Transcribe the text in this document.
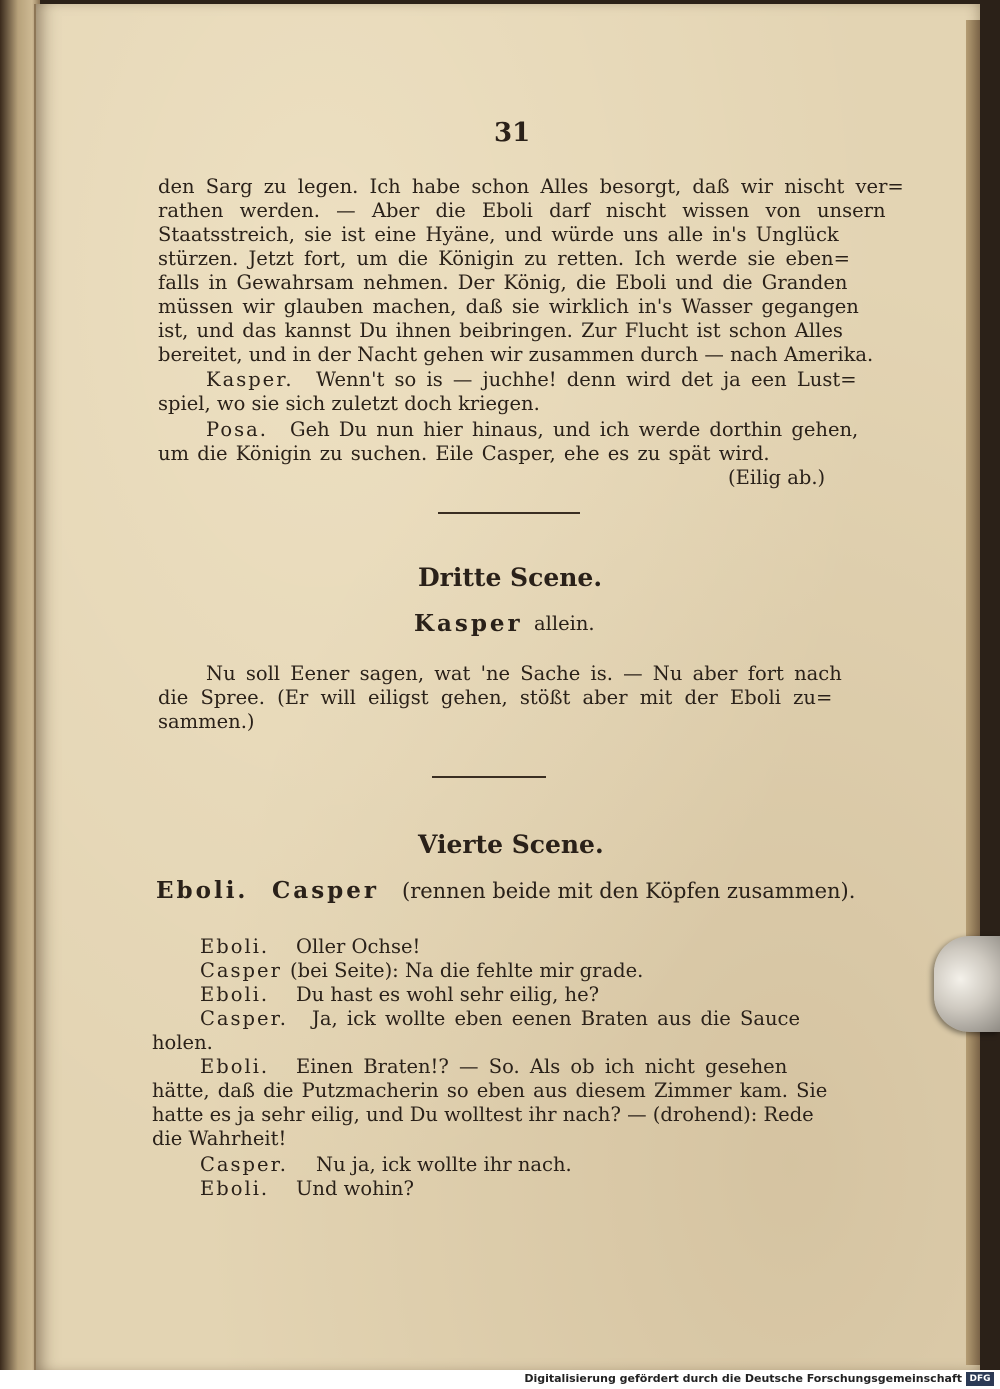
31
den Sarg zu legen. Ich habe schon Alles besorgt, daß wir nischt ver=
rathen werden. — Aber die Eboli darf nischt wissen von unsern
Staatsstreich, sie ist eine Hyäne, und würde uns alle in's Unglück
stürzen. Jetzt fort, um die Königin zu retten. Ich werde sie eben=
falls in Gewahrsam nehmen. Der König, die Eboli und die Granden
müssen wir glauben machen, daß sie wirklich in's Wasser gegangen
ist, und das kannst Du ihnen beibringen. Zur Flucht ist schon Alles
bereitet, und in der Nacht gehen wir zusammen durch — nach Amerika.
Kasper. Wenn't so is — juchhe! denn wird det ja een Lust=
spiel, wo sie sich zuletzt doch kriegen.
Posa. Geh Du nun hier hinaus, und ich werde dorthin gehen,
um die Königin zu suchen. Eile Casper, ehe es zu spät wird.
(Eilig ab.)
Dritte Scene.
Kasper allein.
Nu soll Eener sagen, wat 'ne Sache is. — Nu aber fort nach
die Spree. (Er will eiligst gehen, stößt aber mit der Eboli zu=
sammen.)
Vierte Scene.
Eboli. Casper (rennen beide mit den Köpfen zusammen).
Eboli. Oller Ochse!
Casper (bei Seite): Na die fehlte mir grade.
Eboli. Du hast es wohl sehr eilig, he?
Casper. Ja, ick wollte eben eenen Braten aus die Sauce
holen.
Eboli. Einen Braten!? — So. Als ob ich nicht gesehen
hätte, daß die Putzmacherin so eben aus diesem Zimmer kam. Sie
hatte es ja sehr eilig, und Du wolltest ihr nach? — (drohend): Rede
die Wahrheit!
Casper. Nu ja, ick wollte ihr nach.
Eboli. Und wohin?
Digitalisierung gefördert durch die Deutsche Forschungsgemeinschaft DFG
